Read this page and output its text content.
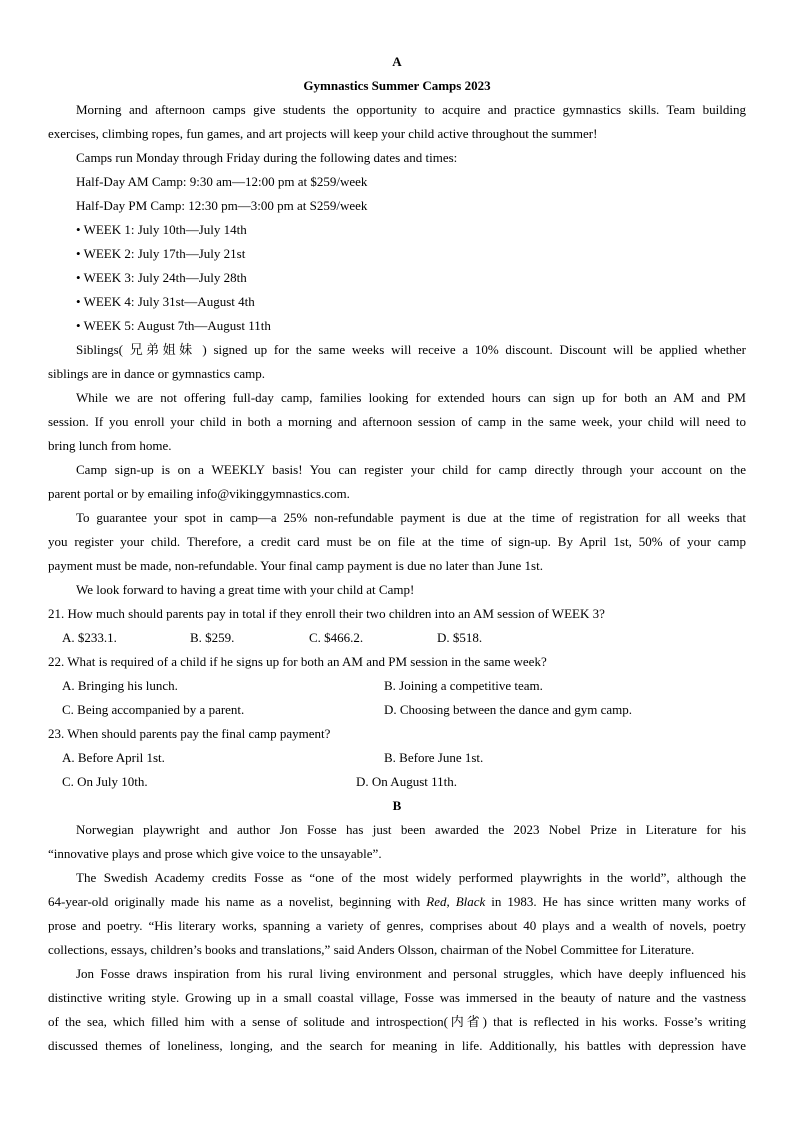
A
Gymnastics Summer Camps 2023
Morning and afternoon camps give students the opportunity to acquire and practice gymnastics skills. Team building
exercises, climbing ropes, fun games, and art projects will keep your child active throughout the summer!
Camps run Monday through Friday during the following dates and times:
Half-Day AM Camp: 9:30 am—12:00 pm at $259/week
Half-Day PM Camp: 12:30 pm—3:00 pm at S259/week
• WEEK 1: July 10th—July 14th
• WEEK 2: July 17th—July 21st
• WEEK 3: July 24th—July 28th
• WEEK 4: July 31st—August 4th
• WEEK 5: August 7th—August 11th
Siblings( 兄弟姐妹 ) signed up for the same weeks will receive a 10% discount. Discount will be applied whether
siblings are in dance or gymnastics camp.
While we are not offering full-day camp, families looking for extended hours can sign up for both an AM and PM
session. If you enroll your child in both a morning and afternoon session of camp in the same week, your child will need to
bring lunch from home.
Camp sign-up is on a WEEKLY basis! You can register your child for camp directly through your account on the
parent portal or by emailing info@vikinggymnastics.com.
To guarantee your spot in camp—a 25% non-refundable payment is due at the time of registration for all weeks that
you register your child. Therefore, a credit card must be on file at the time of sign-up. By April 1st, 50% of your camp
payment must be made, non-refundable. Your final camp payment is due no later than June 1st.
We look forward to having a great time with your child at Camp!
21. How much should parents pay in total if they enroll their two children into an AM session of WEEK 3?
A. $233.1.	B. $259.	C. $466.2.	D. $518.
22. What is required of a child if he signs up for both an AM and PM session in the same week?
A. Bringing his lunch.	B. Joining a competitive team.
C. Being accompanied by a parent.	D. Choosing between the dance and gym camp.
23. When should parents pay the final camp payment?
A. Before April 1st.	B. Before June 1st.
C. On July 10th.	D. On August 11th.
B
Norwegian playwright and author Jon Fosse has just been awarded the 2023 Nobel Prize in Literature for his
“innovative plays and prose which give voice to the unsayable”.
The Swedish Academy credits Fosse as “one of the most widely performed playwrights in the world”, although the
64-year-old originally made his name as a novelist, beginning with Red, Black in 1983. He has since written many works of
prose and poetry. “His literary works, spanning a variety of genres, comprises about 40 plays and a wealth of novels, poetry
collections, essays, children’s books and translations,” said Anders Olsson, chairman of the Nobel Committee for Literature.
Jon Fosse draws inspiration from his rural living environment and personal struggles, which have deeply influenced his
distinctive writing style. Growing up in a small coastal village, Fosse was immersed in the beauty of nature and the vastness
of the sea, which filled him with a sense of solitude and introspection(内省) that is reflected in his works. Fosse’s writing
discussed themes of loneliness, longing, and the search for meaning in life. Additionally, his battles with depression have
